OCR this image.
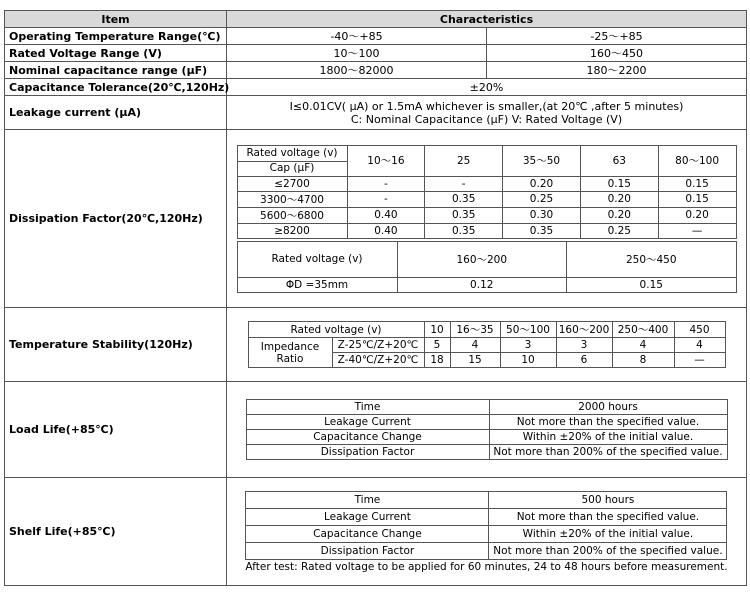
Item	Characteristics
Operating Temperature Range(℃)	-40～+85	-25～+85
Rated Voltage Range (V)	10～100	160～450
Nominal capacitance range (μF)	1800～82000	180～2200
Capacitance Tolerance(20℃,120Hz)	±20%
Leakage current (μA)	I≤0.01CV( μA) or 1.5mA whichever is smaller,(at 20℃ ,after 5 minutes)
C: Nominal Capacitance (μF) V: Rated Voltage (V)

Dissipation Factor(20℃,120Hz)	
Rated voltage (v)
Cap (μF)
	10～16	25	35～50	63	80～100
≤2700	-	-	0.20	0.15	0.15
3300～4700	-	0.35	0.25	0.20	0.15
5600～6800	0.40	0.35	0.30	0.20	0.20
≥8200	0.40	0.35	0.35	0.25	—
Rated voltage (v)	160～200	250～450
ΦD =35mm	0.12	0.15

Temperature Stability(120Hz)	
Rated voltage (v)	10	16～35	50～100	160～200	250～400	450

Impedance
Ratio
	Z-25℃/Z+20℃	5	4	3	3	4	4
Z-40℃/Z+20℃	18	15	10	6	8	—

Load Life(+85℃)	
Time	2000 hours
Leakage Current	Not more than the specified value.
Capacitance Change	Within ±20% of the initial value.
Dissipation Factor	Not more than 200% of the specified value.

Shelf Life(+85℃)	
Time	500 hours
Leakage Current	Not more than the specified value.
Capacitance Change	Within ±20% of the initial value.
Dissipation Factor	Not more than 200% of the specified value.
After test: Rated voltage to be applied for 60 minutes, 24 to 48 hours before measurement.
